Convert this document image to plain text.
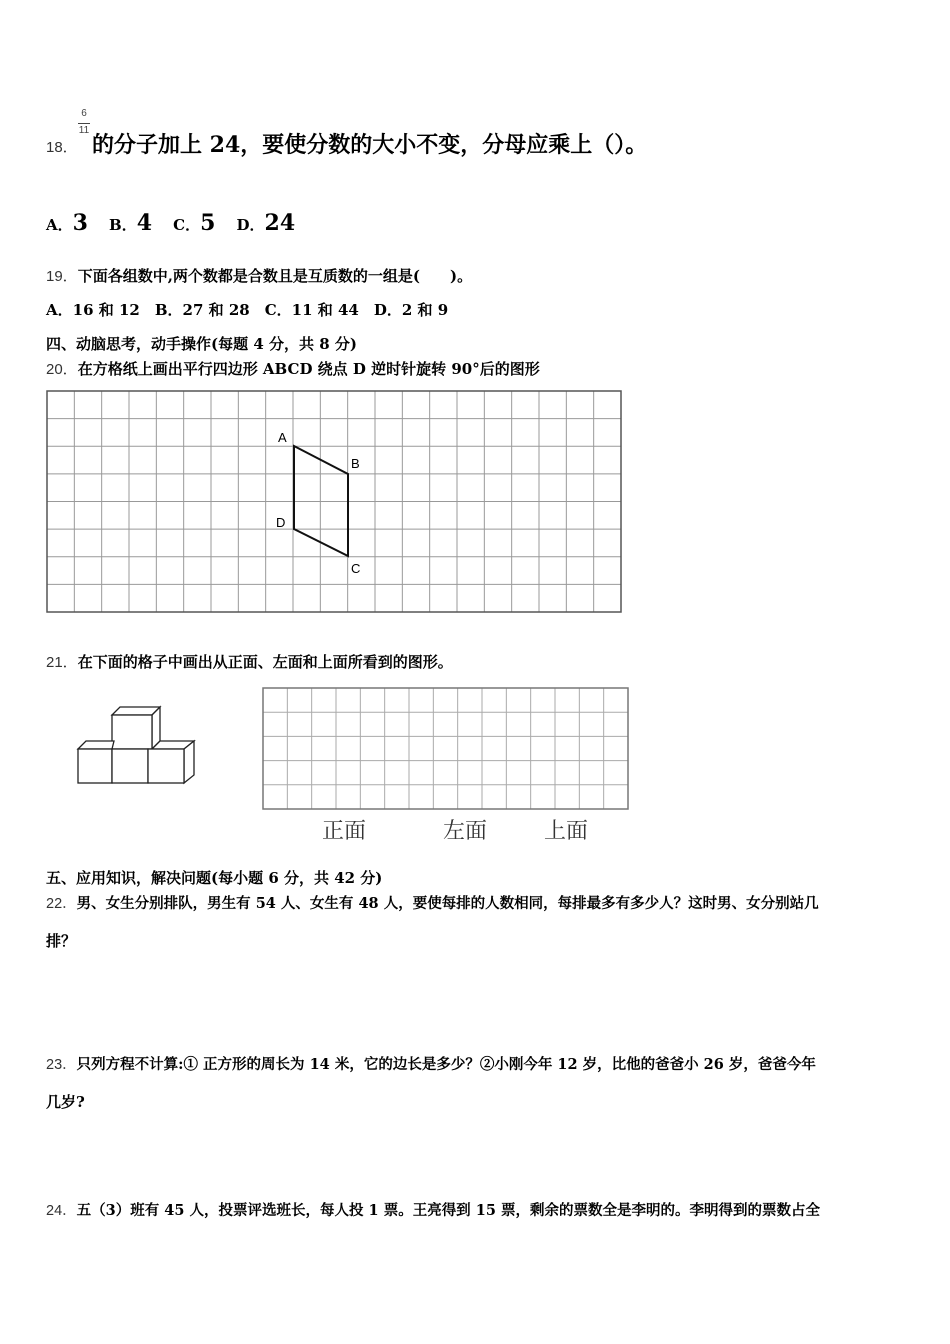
18．
6
11
的分子加上 24，要使分数的大小不变，分母应乘上（）。
A．3 B．4 C．5 D．24
19．下面各组数中,两个数都是合数且是互质数的一组是(　　)。
A．16 和 12　B．27 和 28　C．11 和 44　D．2 和 9
四、动脑思考，动手操作(每题 4 分，共 8 分)
20．在方格纸上画出平行四边形 ABCD 绕点 D 逆时针旋转 90°后的图形
A
B
C
D
21．在下面的格子中画出从正面、左面和上面所看到的图形。
正面	左面	上面
五、应用知识，解决问题(每小题 6 分，共 42 分)
22．男、女生分别排队，男生有 54 人、女生有 48 人，要使每排的人数相同，每排最多有多少人？这时男、女分别站几
排？
23．只列方程不计算:① 正方形的周长为 14 米，它的边长是多少？②小刚今年 12 岁，比他的爸爸小 26 岁，爸爸今年
几岁?
24．五（3）班有 45 人，投票评选班长，每人投 1 票。王亮得到 15 票，剩余的票数全是李明的。李明得到的票数占全
